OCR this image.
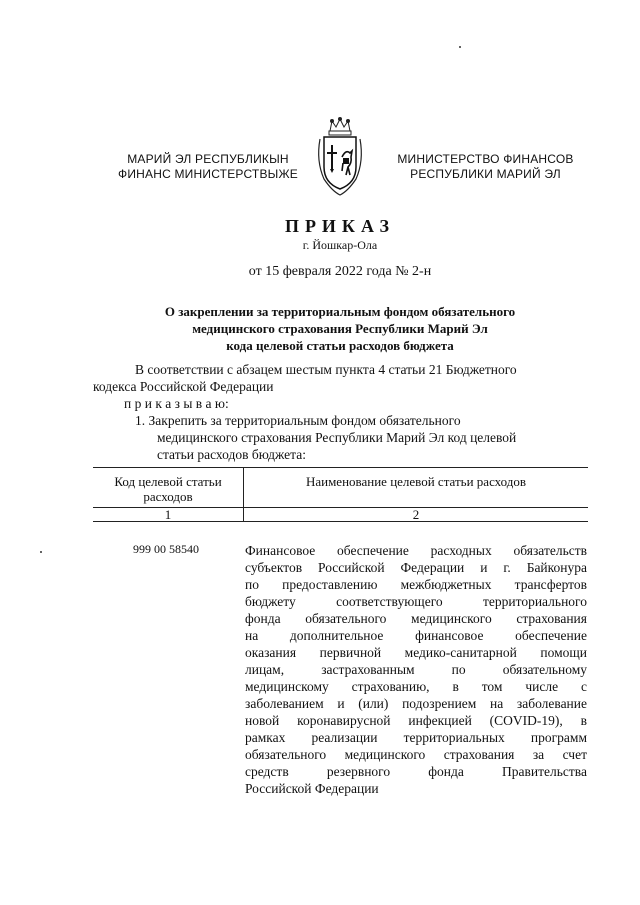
МАРИЙ ЭЛ РЕСПУБЛИКЫН
ФИНАНС МИНИСТЕРСТВЫЖЕ
МИНИСТЕРСТВО ФИНАНСОВ
РЕСПУБЛИКИ МАРИЙ ЭЛ
ПРИКАЗ
г. Йошкар-Ола
от 15 февраля 2022 года № 2-н
О закреплении за территориальным фондом обязательного
медицинского страхования Республики Марий Эл
кода целевой статьи расходов бюджета
В соответствии с абзацем шестым пункта 4 статьи 21 Бюджетного
кодекса Российской Федерации
п р и к а з ы в а ю:
1. Закрепить за территориальным фондом обязательного
медицинского страхования Республики Марий Эл код целевой
статьи расходов бюджета:
Код целевой статьи
расходов
Наименование целевой статьи расходов
1	2
999 00 58540	Финансовое обеспечение расходных обязательств
субъектов Российской Федерации и г. Байконура
по предоставлению межбюджетных трансфертов
бюджету соответствующего территориального
фонда обязательного медицинского страхования
на дополнительное финансовое обеспечение
оказания первичной медико-санитарной помощи
лицам, застрахованным по обязательному
медицинскому страхованию, в том числе с
заболеванием и (или) подозрением на заболевание
новой коронавирусной инфекцией (COVID-19), в
рамках реализации территориальных программ
обязательного медицинского страхования за счет
средств резервного фонда Правительства
Российской Федерации
